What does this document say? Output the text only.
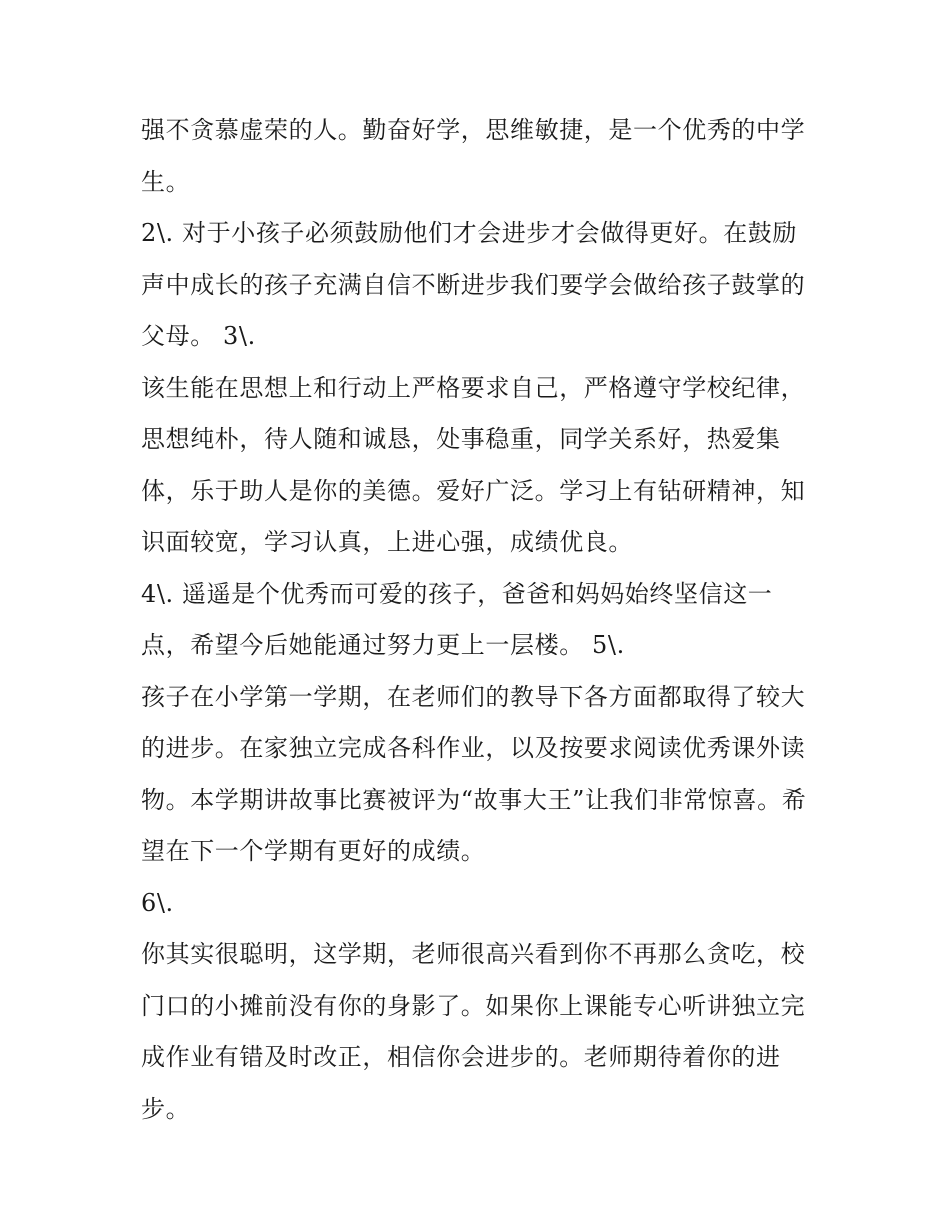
强不贪慕虚荣的人。勤奋好学，思维敏捷，是一个优秀的中学
生。
2\. 对于小孩子必须鼓励他们才会进步才会做得更好。在鼓励
声中成长的孩子充满自信不断进步我们要学会做给孩子鼓掌的
父母。 3\.
该生能在思想上和行动上严格要求自己，严格遵守学校纪律，
思想纯朴，待人随和诚恳，处事稳重，同学关系好，热爱集
体，乐于助人是你的美德。爱好广泛。学习上有钻研精神，知
识面较宽，学习认真，上进心强，成绩优良。
4\. 遥遥是个优秀而可爱的孩子，爸爸和妈妈始终坚信这一
点，希望今后她能通过努力更上一层楼。 5\.
孩子在小学第一学期，在老师们的教导下各方面都取得了较大
的进步。在家独立完成各科作业，以及按要求阅读优秀课外读
物。本学期讲故事比赛被评为“故事大王”让我们非常惊喜。希
望在下一个学期有更好的成绩。
6\.
你其实很聪明，这学期，老师很高兴看到你不再那么贪吃，校
门口的小摊前没有你的身影了。如果你上课能专心听讲独立完
成作业有错及时改正，相信你会进步的。老师期待着你的进
步。
